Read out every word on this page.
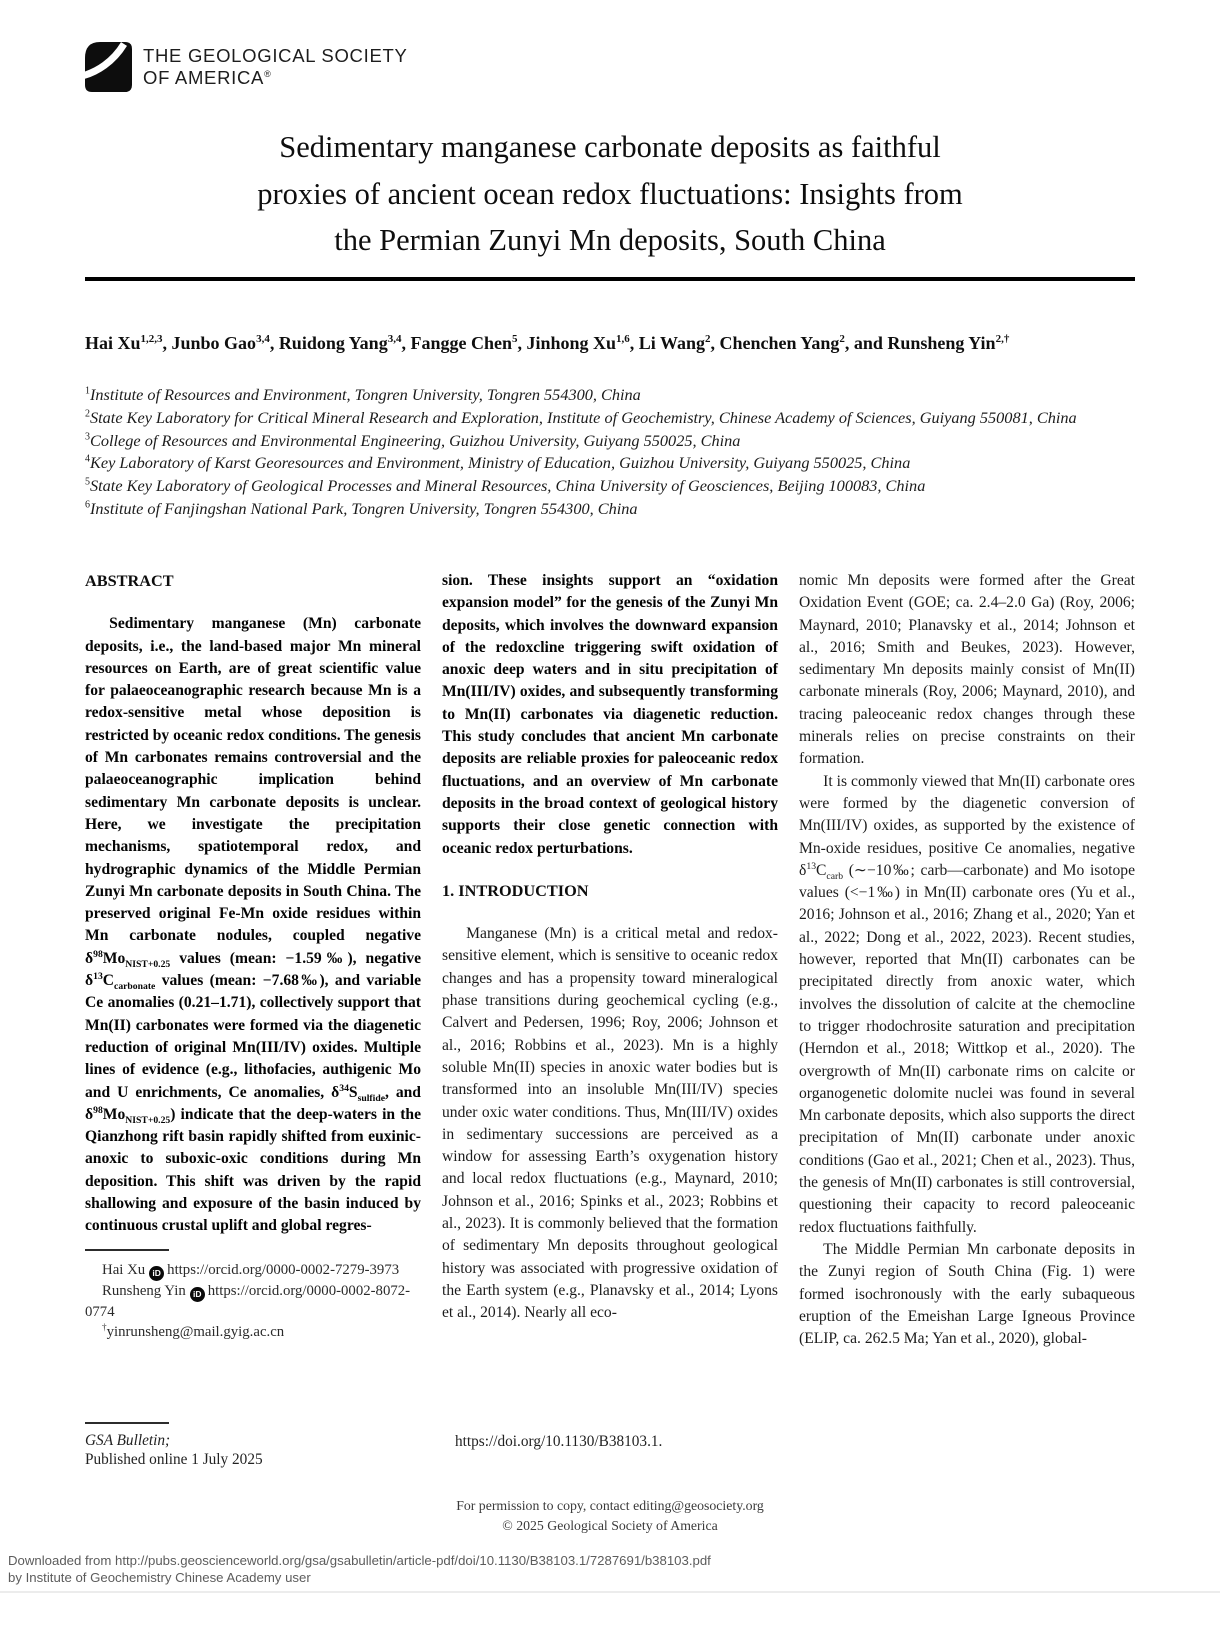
THE GEOLOGICAL SOCIETY
OF AMERICA®
Sedimentary manganese carbonate deposits as faithful
proxies of ancient ocean redox fluctuations: Insights from
the Permian Zunyi Mn deposits, South China
Hai Xu$^{1,2,3}$, Junbo Gao$^{3,4}$, Ruidong Yang$^{3,4}$, Fangge Chen$^5$, Jinhong Xu$^{1,6}$, Li Wang$^2$, Chenchen Yang$^2$, and Runsheng Yin$^{2,\dagger}$
$^1$Institute of Resources and Environment, Tongren University, Tongren 554300, China
$^2$State Key Laboratory for Critical Mineral Research and Exploration, Institute of Geochemistry, Chinese Academy of Sciences, Guiyang 550081, China
$^3$College of Resources and Environmental Engineering, Guizhou University, Guiyang 550025, China
$^4$Key Laboratory of Karst Georesources and Environment, Ministry of Education, Guizhou University, Guiyang 550025, China
$^5$State Key Laboratory of Geological Processes and Mineral Resources, China University of Geosciences, Beijing 100083, China
$^6$Institute of Fanjingshan National Park, Tongren University, Tongren 554300, China
ABSTRACT

Sedimentary manganese (Mn) carbonate deposits, i.e., the land-based major Mn mineral resources on Earth, are of great scientific value for palaeoceanographic research because Mn is a redox-sensitive metal whose deposition is restricted by oceanic redox conditions. The genesis of Mn carbonates remains controversial and the palaeoceanographic implication behind sedimentary Mn carbonate deposits is unclear. Here, we investigate the precipitation mechanisms, spatiotemporal redox, and hydrographic dynamics of the Middle Permian Zunyi Mn carbonate deposits in South China. The preserved original Fe-Mn oxide residues within Mn carbonate nodules, coupled negative $\delta^{98}Mo_{NIST+0.25}$ values (mean: −1.59‰), negative $\delta^{13}C_{carbonate}$ values (mean: −7.68‰), and variable Ce anomalies (0.21–1.71), collectively support that Mn(II) carbonates were formed via the diagenetic reduction of original Mn(III/IV) oxides. Multiple lines of evidence (e.g., lithofacies, authigenic Mo and U enrichments, Ce anomalies, $\delta^{34}S_{sulfide}$, and $\delta^{98}Mo_{NIST+0.25}$) indicate that the deep-waters in the Qianzhong rift basin rapidly shifted from euxinic-anoxic to suboxic-oxic conditions during Mn deposition. This shift was driven by the rapid shallowing and exposure of the basin induced by continuous crustal uplift and global regres-

Hai Xu iD https://orcid.org/0000-0002-7279-3973
Runsheng Yin iD https://orcid.org/0000-0002-8072-0774
†yinrunsheng@mail.gyig.ac.cn

sion. These insights support an “oxidation expansion model” for the genesis of the Zunyi Mn deposits, which involves the downward expansion of the redoxcline triggering swift oxidation of anoxic deep waters and in situ precipitation of Mn(III/IV) oxides, and subsequently transforming to Mn(II) carbonates via diagenetic reduction. This study concludes that ancient Mn carbonate deposits are reliable proxies for paleoceanic redox fluctuations, and an overview of Mn carbonate deposits in the broad context of geological history supports their close genetic connection with oceanic redox perturbations.

1. INTRODUCTION

Manganese (Mn) is a critical metal and redox-sensitive element, which is sensitive to oceanic redox changes and has a propensity toward mineralogical phase transitions during geochemical cycling (e.g., Calvert and Pedersen, 1996; Roy, 2006; Johnson et al., 2016; Robbins et al., 2023). Mn is a highly soluble Mn(II) species in anoxic water bodies but is transformed into an insoluble Mn(III/IV) species under oxic water conditions. Thus, Mn(III/IV) oxides in sedimentary successions are perceived as a window for assessing Earth’s oxygenation history and local redox fluctuations (e.g., Maynard, 2010; Johnson et al., 2016; Spinks et al., 2023; Robbins et al., 2023). It is commonly believed that the formation of sedimentary Mn deposits throughout geological history was associated with progressive oxidation of the Earth system (e.g., Planavsky et al., 2014; Lyons et al., 2014). Nearly all eco-

nomic Mn deposits were formed after the Great Oxidation Event (GOE; ca. 2.4–2.0 Ga) (Roy, 2006; Maynard, 2010; Planavsky et al., 2014; Johnson et al., 2016; Smith and Beukes, 2023). However, sedimentary Mn deposits mainly consist of Mn(II) carbonate minerals (Roy, 2006; Maynard, 2010), and tracing paleoceanic redox changes through these minerals relies on precise constraints on their formation.

It is commonly viewed that Mn(II) carbonate ores were formed by the diagenetic conversion of Mn(III/IV) oxides, as supported by the existence of Mn-oxide residues, positive Ce anomalies, negative $\delta^{13}C_{carb}$ (∼−10‰; carb—carbonate) and Mo isotope values (<−1‰) in Mn(II) carbonate ores (Yu et al., 2016; Johnson et al., 2016; Zhang et al., 2020; Yan et al., 2022; Dong et al., 2022, 2023). Recent studies, however, reported that Mn(II) carbonates can be precipitated directly from anoxic water, which involves the dissolution of calcite at the chemocline to trigger rhodochrosite saturation and precipitation (Herndon et al., 2018; Wittkop et al., 2020). The overgrowth of Mn(II) carbonate rims on calcite or organogenetic dolomite nuclei was found in several Mn carbonate deposits, which also supports the direct precipitation of Mn(II) carbonate under anoxic conditions (Gao et al., 2021; Chen et al., 2023). Thus, the genesis of Mn(II) carbonates is still controversial, questioning their capacity to record paleoceanic redox fluctuations faithfully.

The Middle Permian Mn carbonate deposits in the Zunyi region of South China (Fig. 1) were formed isochronously with the early subaqueous eruption of the Emeishan Large Igneous Province (ELIP, ca. 262.5 Ma; Yan et al., 2020), global-

GSA Bulletin;
Published online 1 July 2025
https://doi.org/10.1130/B38103.1.
For permission to copy, contact editing@geosociety.org
© 2025 Geological Society of America
Downloaded from http://pubs.geoscienceworld.org/gsa/gsabulletin/article-pdf/doi/10.1130/B38103.1/7287691/b38103.pdf
by Institute of Geochemistry Chinese Academy user
